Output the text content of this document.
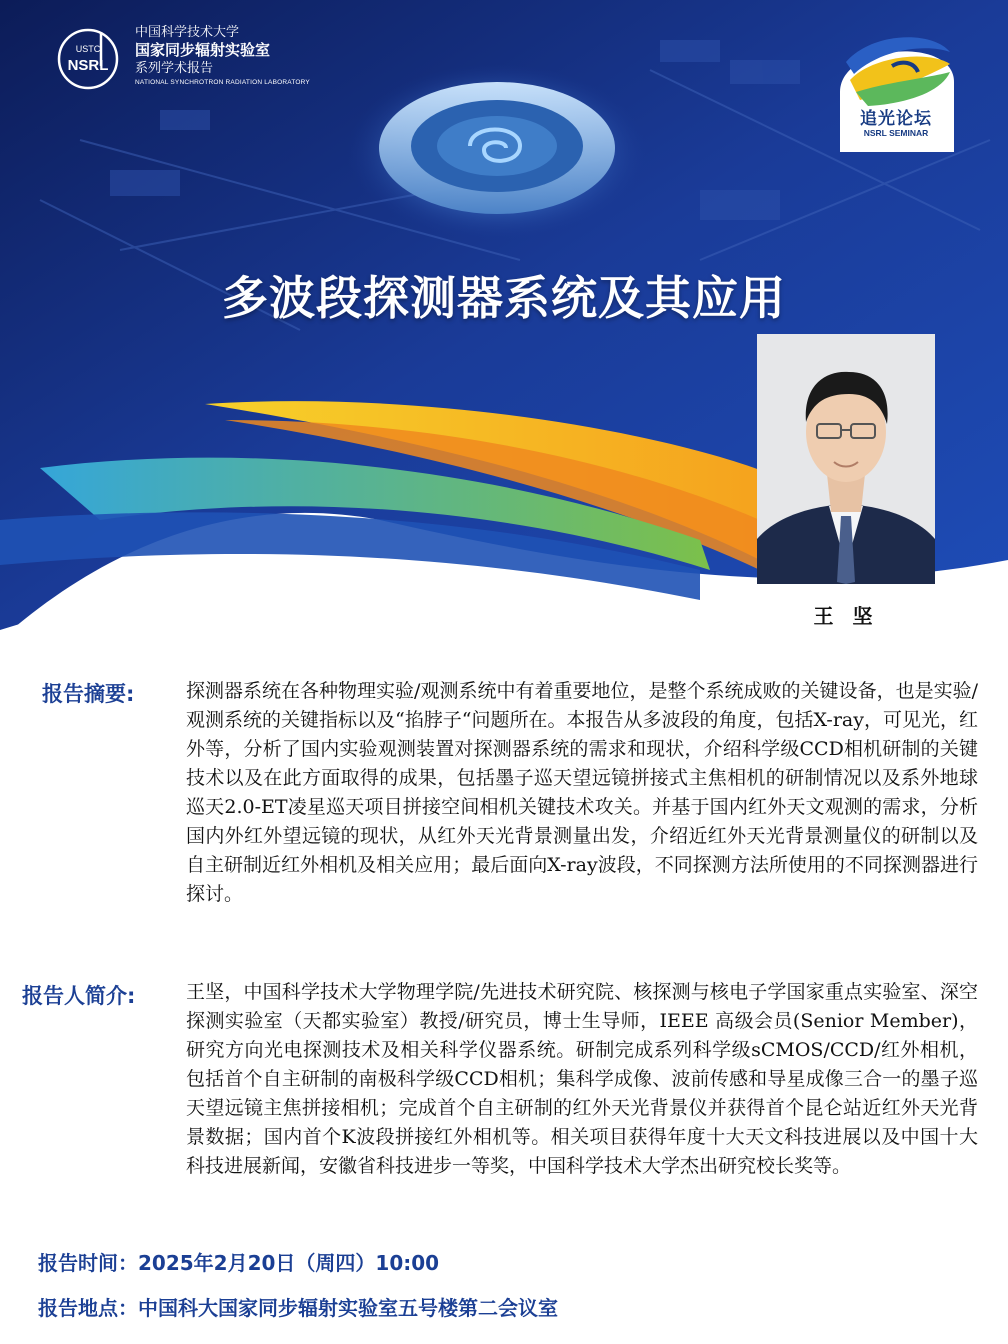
USTC
NSRL
中国科学技术大学
国家同步辐射实验室
系列学术报告
NATIONAL SYNCHROTRON RADIATION LABORATORY
追光论坛
NSRL SEMINAR
多波段探测器系统及其应用
王 坚
报告摘要:	探测器系统在各种物理实验/观测系统中有着重要地位，是整个系统成败的关键设备，也是实验/观测系统的关键指标以及“掐脖子“问题所在。本报告从多波段的角度，包括X-ray，可见光，红外等，分析了国内实验观测装置对探测器系统的需求和现状，介绍科学级CCD相机研制的关键技术以及在此方面取得的成果，包括墨子巡天望远镜拼接式主焦相机的研制情况以及系外地球巡天2.0-ET凌星巡天项目拼接空间相机关键技术攻关。并基于国内红外天文观测的需求，分析国内外红外望远镜的现状，从红外天光背景测量出发，介绍近红外天光背景测量仪的研制以及自主研制近红外相机及相关应用；最后面向X-ray波段，不同探测方法所使用的不同探测器进行探讨。

报告人简介:	王坚，中国科学技术大学物理学院/先进技术研究院、核探测与核电子学国家重点实验室、深空探测实验室（天都实验室）教授/研究员，博士生导师，IEEE 高级会员(Senior Member)，研究方向光电探测技术及相关科学仪器系统。研制完成系列科学级sCMOS/CCD/红外相机，包括首个自主研制的南极科学级CCD相机；集科学成像、波前传感和导星成像三合一的墨子巡天望远镜主焦拼接相机；完成首个自主研制的红外天光背景仪并获得首个昆仑站近红外天光背景数据；国内首个K波段拼接红外相机等。相关项目获得年度十大天文科技进展以及中国十大科技进展新闻，安徽省科技进步一等奖，中国科学技术大学杰出研究校长奖等。

报告时间：2025年2月20日（周四）10:00
报告地点：中国科大国家同步辐射实验室五号楼第二会议室
